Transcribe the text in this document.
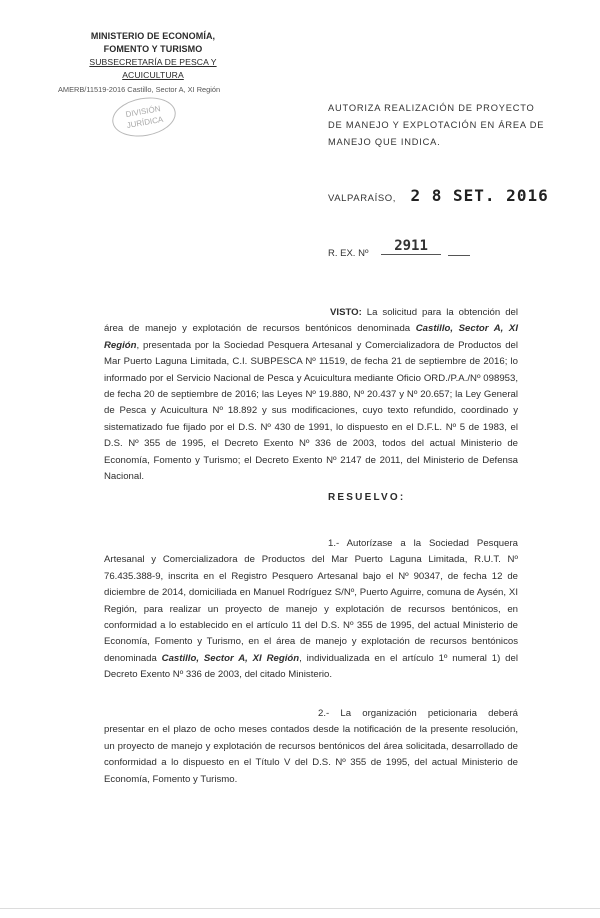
MINISTERIO DE ECONOMÍA,
FOMENTO Y TURISMO
SUBSECRETARÍA DE PESCA Y ACUICULTURA
AMERB/11519-2016 Castillo, Sector A, XI Región
DIVISIÓN
JURÍDICA
AUTORIZA REALIZACIÓN DE PROYECTO DE MANEJO Y EXPLOTACIÓN EN ÁREA DE MANEJO QUE INDICA.
VALPARAÍSO, 2 8 SET. 2016
R. EX. Nº 2911
VISTO: La solicitud para la obtención del área de manejo y explotación de recursos bentónicos denominada Castillo, Sector A, XI Región, presentada por la Sociedad Pesquera Artesanal y Comercializadora de Productos del Mar Puerto Laguna Limitada, C.I. SUBPESCA Nº 11519, de fecha 21 de septiembre de 2016; lo informado por el Servicio Nacional de Pesca y Acuicultura mediante Oficio ORD./P.A./Nº 098953, de fecha 20 de septiembre de 2016; las Leyes Nº 19.880, Nº 20.437 y Nº 20.657; la Ley General de Pesca y Acuicultura Nº 18.892 y sus modificaciones, cuyo texto refundido, coordinado y sistematizado fue fijado por el D.S. Nº 430 de 1991, lo dispuesto en el D.F.L. Nº 5 de 1983, el D.S. Nº 355 de 1995, el Decreto Exento Nº 336 de 2003, todos del actual Ministerio de Economía, Fomento y Turismo; el Decreto Exento Nº 2147 de 2011, del Ministerio de Defensa Nacional.
RESUELVO:
1.- Autorízase a la Sociedad Pesquera Artesanal y Comercializadora de Productos del Mar Puerto Laguna Limitada, R.U.T. Nº 76.435.388-9, inscrita en el Registro Pesquero Artesanal bajo el Nº 90347, de fecha 12 de diciembre de 2014, domiciliada en Manuel Rodríguez S/Nº, Puerto Aguirre, comuna de Aysén, XI Región, para realizar un proyecto de manejo y explotación de recursos bentónicos, en conformidad a lo establecido en el artículo 11 del D.S. Nº 355 de 1995, del actual Ministerio de Economía, Fomento y Turismo, en el área de manejo y explotación de recursos bentónicos denominada Castillo, Sector A, XI Región, individualizada en el artículo 1º numeral 1) del Decreto Exento Nº 336 de 2003, del citado Ministerio.
2.- La organización peticionaria deberá presentar en el plazo de ocho meses contados desde la notificación de la presente resolución, un proyecto de manejo y explotación de recursos bentónicos del área solicitada, desarrollado de conformidad a lo dispuesto en el Título V del D.S. Nº 355 de 1995, del actual Ministerio de Economía, Fomento y Turismo.
